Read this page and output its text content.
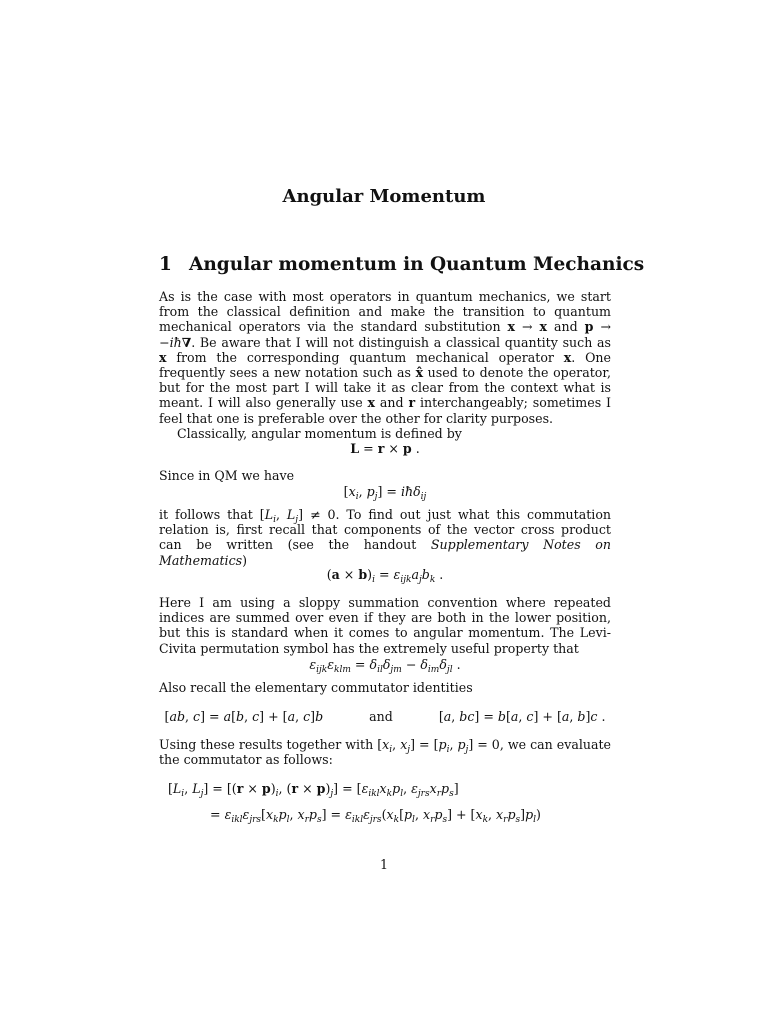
Angular Momentum
1 Angular momentum in Quantum Mechanics

As is the case with most operators in quantum mechanics, we start from the classical definition and make the transition to quantum mechanical operators via the standard substitution x → x and p → −iħ∇. Be aware that I will not distinguish a classical quantity such as x from the corresponding quantum mechanical operator x. One frequently sees a new notation such as x̂ used to denote the operator, but for the most part I will take it as clear from the context what is meant. I will also generally use x and r interchangeably; sometimes I feel that one is preferable over the other for clarity purposes.

Classically, angular momentum is defined by

L = r × p .

Since in QM we have

[$x_i$, $p_j$] = iħδ$_{ij}$

it follows that [$L_i$, $L_j] \ne 0$. To find out just what this commutation relation is, first recall that components of the vector cross product can be written (see the handout Supplementary Notes on Mathematics)

$(a \times b)_i = \varepsilon_{ijk}a_jb_k$ .

Here I am using a sloppy summation convention where repeated indices are summed over even if they are both in the lower position, but this is standard when it comes to angular momentum. The Levi-Civita permutation symbol has the extremely useful property that

$\varepsilon_{ijk}\varepsilon_{klm} = \delta_{il}\delta_{jm} - \delta_{im}\delta_{jl}$ .

Also recall the elementary commutator identities

[ab, c] = a[b, c] + [a, c]b	and	[a, bc] = b[a, c] + [a, b]c .

Using these results together with [$x_i$, $x_j] = [p_i$, $p_j] = 0$, we can evaluate the commutator as follows:

[$L_i$, $L_j] = [(r \times p)_i$, $(r \times p)_j] = [\varepsilon_{ikl}x_kp_l$, $\varepsilon_{jrs}x_rp_s$]
= $\varepsilon_{ikl}\varepsilon_{jrs}[x_kp_l$, $x_rp_s] = \varepsilon_{ikl}\varepsilon_{jrs}(x_k[p_l$, $x_rp_s] + [x_k$, $x_rp_s]p_l$)
1
